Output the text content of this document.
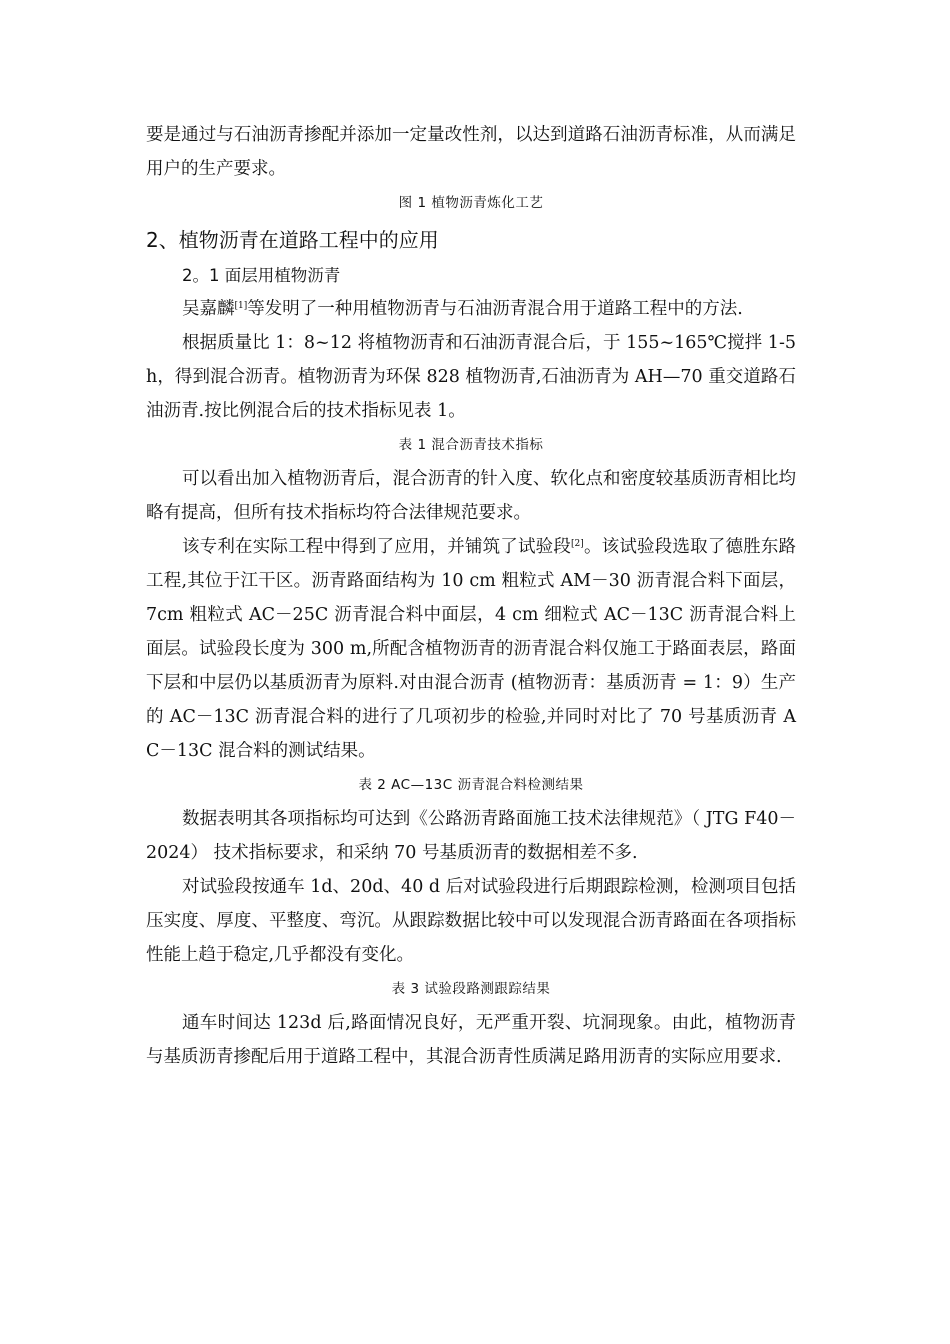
要是通过与石油沥青掺配并添加一定量改性剂，以达到道路石油沥青标准，从而满足用户的生产要求。

图 1 植物沥青炼化工艺

2、植物沥青在道路工程中的应用
2。1 面层用植物沥青

吴嘉麟[1]等发明了一种用植物沥青与石油沥青混合用于道路工程中的方法.

根据质量比 1：8~12 将植物沥青和石油沥青混合后，于 155~165℃搅拌 1-5h，得到混合沥青。植物沥青为环保 828 植物沥青,石油沥青为 AH—70 重交道路石油沥青.按比例混合后的技术指标见表 1。

表 1 混合沥青技术指标

可以看出加入植物沥青后，混合沥青的针入度、软化点和密度较基质沥青相比均略有提高，但所有技术指标均符合法律规范要求。

该专利在实际工程中得到了应用，并铺筑了试验段[2]。该试验段选取了德胜东路工程,其位于江干区。沥青路面结构为 10 cm 粗粒式 AM－30 沥青混合料下面层，7cm 粗粒式 AC－25C 沥青混合料中面层，4 cm 细粒式 AC－13C 沥青混合料上面层。试验段长度为 300 m,所配含植物沥青的沥青混合料仅施工于路面表层，路面下层和中层仍以基质沥青为原料.对由混合沥青 (植物沥青：基质沥青 = 1：9）生产的 AC－13C 沥青混合料的进行了几项初步的检验,并同时对比了 70 号基质沥青 AC－13C 混合料的测试结果。

表 2 AC—13C 沥青混合料检测结果

数据表明其各项指标均可达到《公路沥青路面施工技术法律规范》（ JTG F40－2024） 技术指标要求，和采纳 70 号基质沥青的数据相差不多.

对试验段按通车 1d、20d、40 d 后对试验段进行后期跟踪检测，检测项目包括压实度、厚度、平整度、弯沉。从跟踪数据比较中可以发现混合沥青路面在各项指标性能上趋于稳定,几乎都没有变化。

表 3 试验段路测跟踪结果

通车时间达 123d 后,路面情况良好，无严重开裂、坑洞现象。由此，植物沥青与基质沥青掺配后用于道路工程中，其混合沥青性质满足路用沥青的实际应用要求.
